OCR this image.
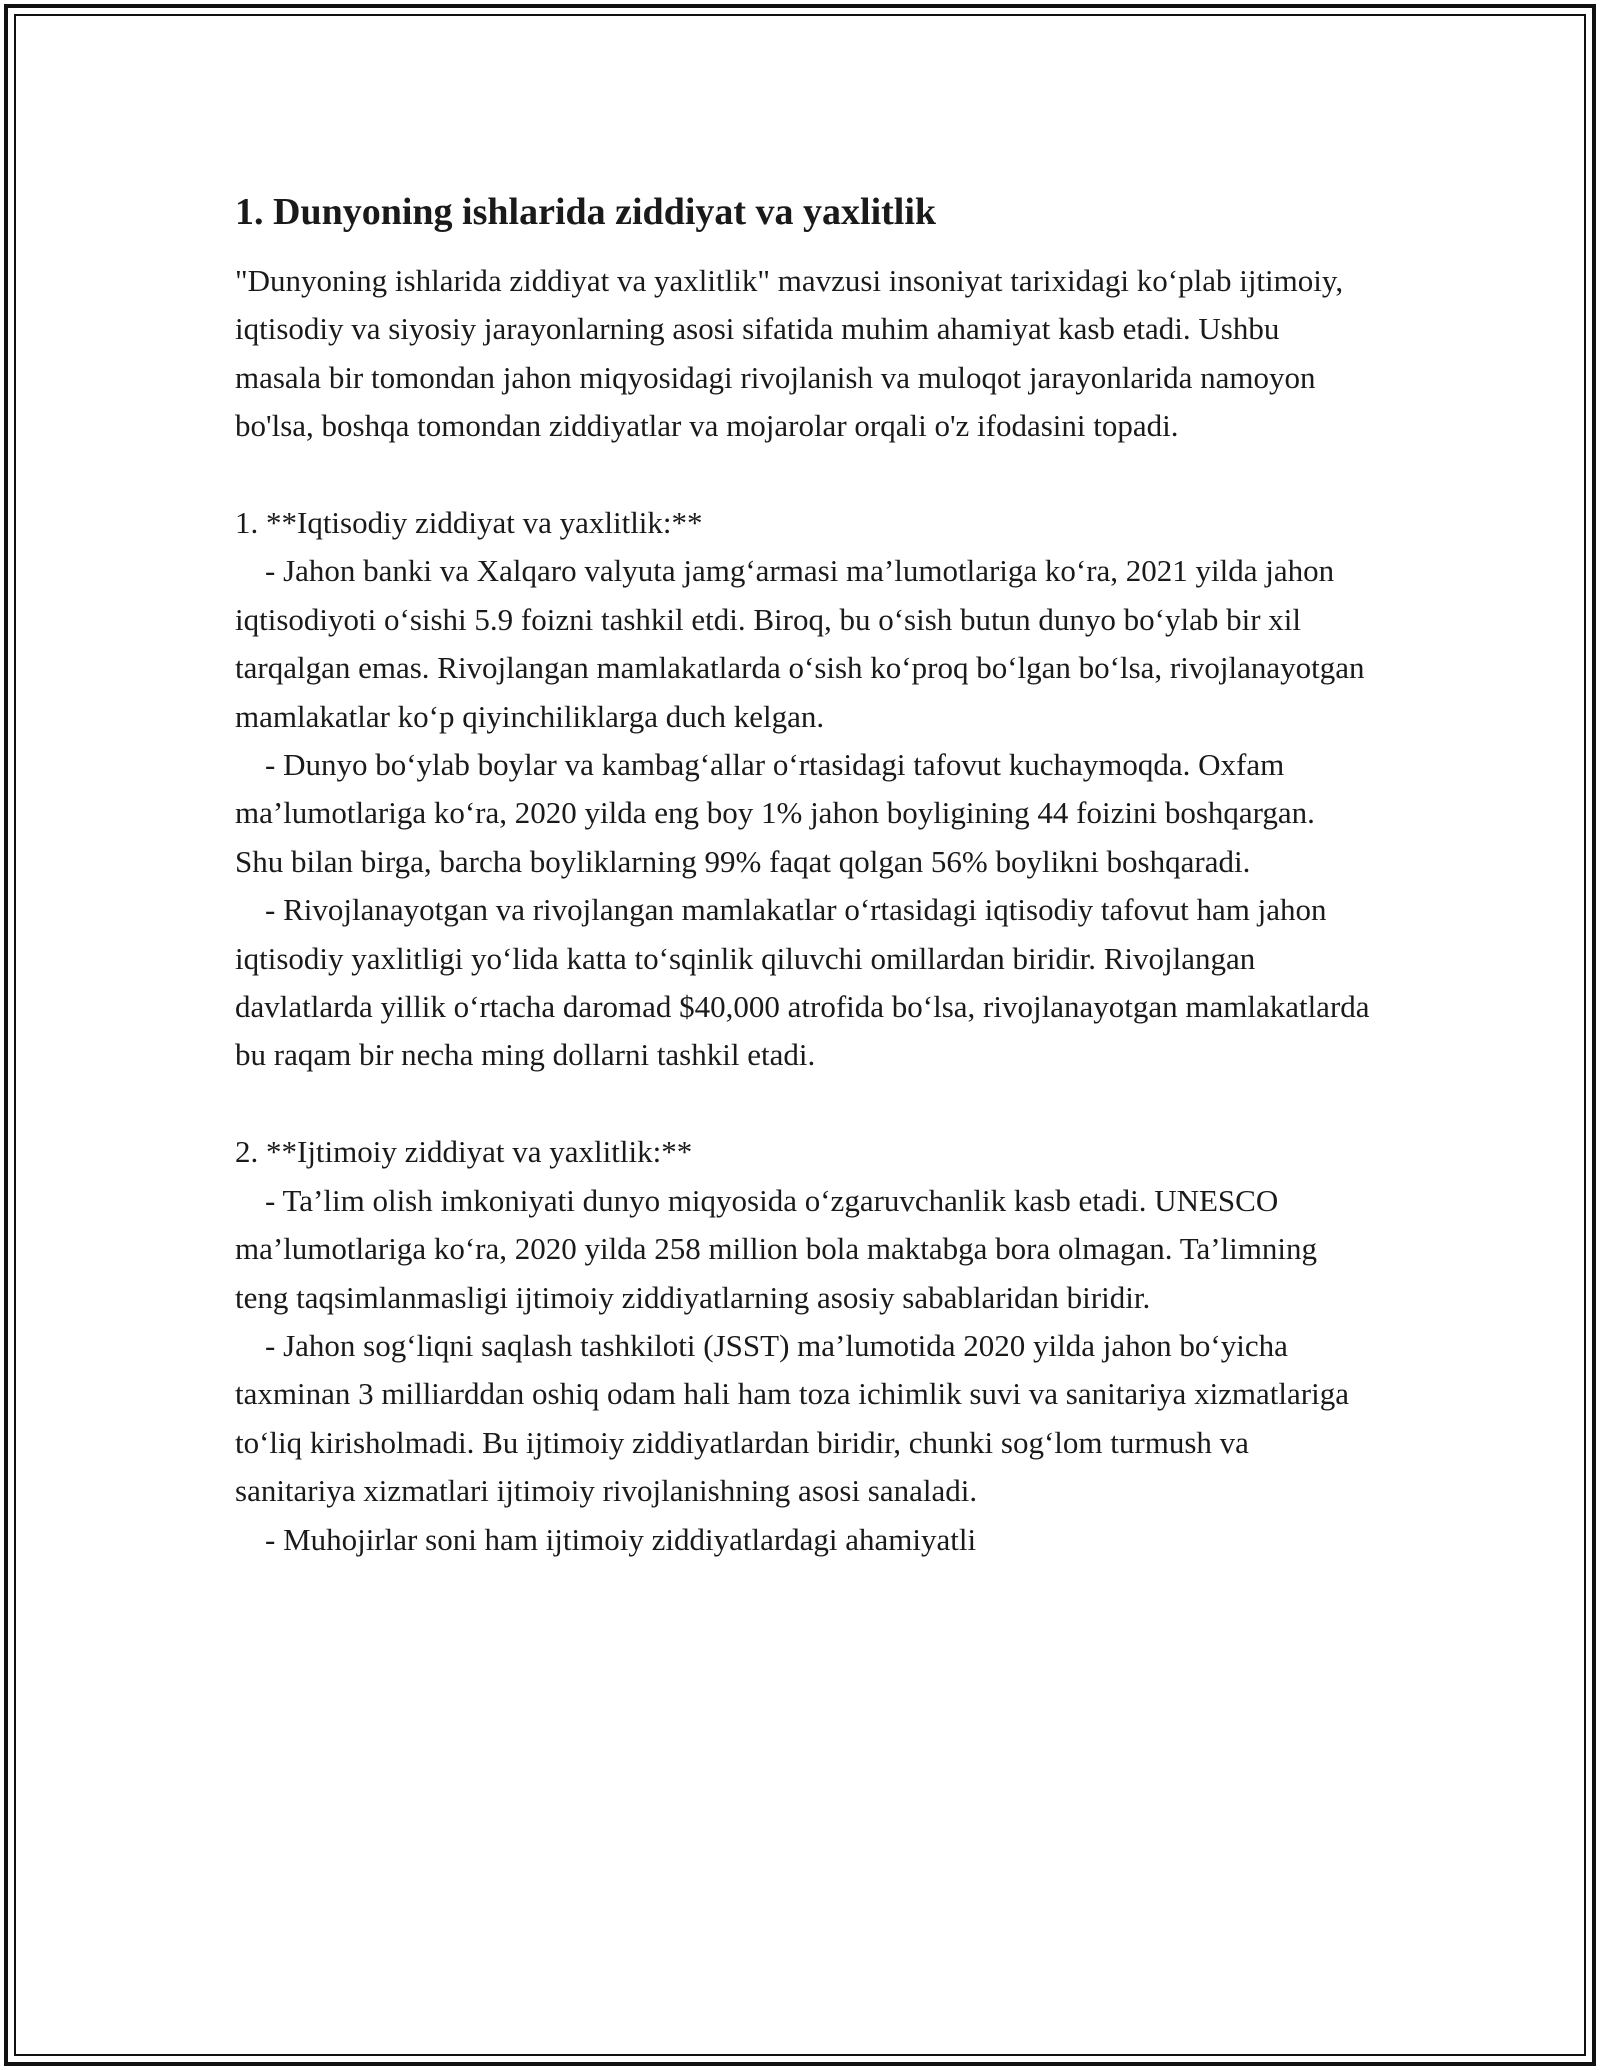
1. Dunyoning ishlarida ziddiyat va yaxlitlik

"Dunyoning ishlarida ziddiyat va yaxlitlik" mavzusi insoniyat tarixidagi ko‘plab ijtimoiy, iqtisodiy va siyosiy jarayonlarning asosi sifatida muhim ahamiyat kasb etadi. Ushbu masala bir tomondan jahon miqyosidagi rivojlanish va muloqot jarayonlarida namoyon bo'lsa, boshqa tomondan ziddiyatlar va mojarolar orqali o'z ifodasini topadi.

1. **Iqtisodiy ziddiyat va yaxlitlik:**

- Jahon banki va Xalqaro valyuta jamg‘armasi ma’lumotlariga ko‘ra, 2021 yilda jahon iqtisodiyoti o‘sishi 5.9 foizni tashkil etdi. Biroq, bu o‘sish butun dunyo bo‘ylab bir xil tarqalgan emas. Rivojlangan mamlakatlarda o‘sish ko‘proq bo‘lgan bo‘lsa, rivojlanayotgan mamlakatlar ko‘p qiyinchiliklarga duch kelgan.

- Dunyo bo‘ylab boylar va kambag‘allar o‘rtasidagi tafovut kuchaymoqda. Oxfam ma’lumotlariga ko‘ra, 2020 yilda eng boy 1% jahon boyligining 44 foizini boshqargan. Shu bilan birga, barcha boyliklarning 99% faqat qolgan 56% boylikni boshqaradi.

- Rivojlanayotgan va rivojlangan mamlakatlar o‘rtasidagi iqtisodiy tafovut ham jahon iqtisodiy yaxlitligi yo‘lida katta to‘sqinlik qiluvchi omillardan biridir. Rivojlangan davlatlarda yillik o‘rtacha daromad $40,000 atrofida bo‘lsa, rivojlanayotgan mamlakatlarda bu raqam bir necha ming dollarni tashkil etadi.

2. **Ijtimoiy ziddiyat va yaxlitlik:**

- Ta’lim olish imkoniyati dunyo miqyosida o‘zgaruvchanlik kasb etadi. UNESCO ma’lumotlariga ko‘ra, 2020 yilda 258 million bola maktabga bora olmagan. Ta’limning teng taqsimlanmasligi ijtimoiy ziddiyatlarning asosiy sabablaridan biridir.

- Jahon sog‘liqni saqlash tashkiloti (JSST) ma’lumotida 2020 yilda jahon bo‘yicha taxminan 3 milliarddan oshiq odam hali ham toza ichimlik suvi va sanitariya xizmatlariga to‘liq kirisholmadi. Bu ijtimoiy ziddiyatlardan biridir, chunki sog‘lom turmush va sanitariya xizmatlari ijtimoiy rivojlanishning asosi sanaladi.

- Muhojirlar soni ham ijtimoiy ziddiyatlardagi ahamiyatli
